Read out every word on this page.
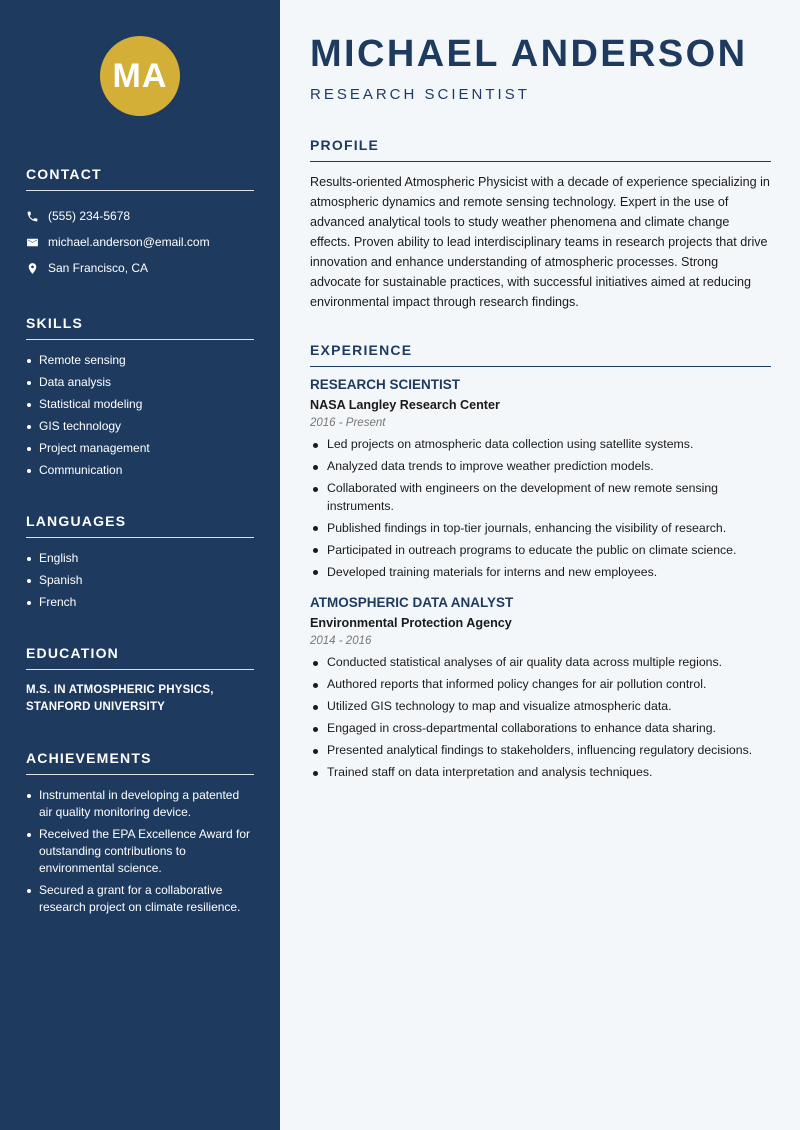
MA
CONTACT
(555) 234-5678
michael.anderson@email.com
San Francisco, CA
SKILLS
Remote sensing
Data analysis
Statistical modeling
GIS technology
Project management
Communication
LANGUAGES
English
Spanish
French
EDUCATION
M.S. IN ATMOSPHERIC PHYSICS,
STANFORD UNIVERSITY
ACHIEVEMENTS
Instrumental in developing a patented air quality monitoring device.
Received the EPA Excellence Award for outstanding contributions to environmental science.
Secured a grant for a collaborative research project on climate resilience.
MICHAEL ANDERSON
RESEARCH SCIENTIST
PROFILE

Results-oriented Atmospheric Physicist with a decade of experience specializing in atmospheric dynamics and remote sensing technology. Expert in the use of advanced analytical tools to study weather phenomena and climate change effects. Proven ability to lead interdisciplinary teams in research projects that drive innovation and enhance understanding of atmospheric processes. Strong advocate for sustainable practices, with successful initiatives aimed at reducing environmental impact through research findings.

EXPERIENCE
RESEARCH SCIENTIST
NASA Langley Research Center
2016 - Present
Led projects on atmospheric data collection using satellite systems.
Analyzed data trends to improve weather prediction models.
Collaborated with engineers on the development of new remote sensing instruments.
Published findings in top-tier journals, enhancing the visibility of research.
Participated in outreach programs to educate the public on climate science.
Developed training materials for interns and new employees.
ATMOSPHERIC DATA ANALYST
Environmental Protection Agency
2014 - 2016
Conducted statistical analyses of air quality data across multiple regions.
Authored reports that informed policy changes for air pollution control.
Utilized GIS technology to map and visualize atmospheric data.
Engaged in cross-departmental collaborations to enhance data sharing.
Presented analytical findings to stakeholders, influencing regulatory decisions.
Trained staff on data interpretation and analysis techniques.
